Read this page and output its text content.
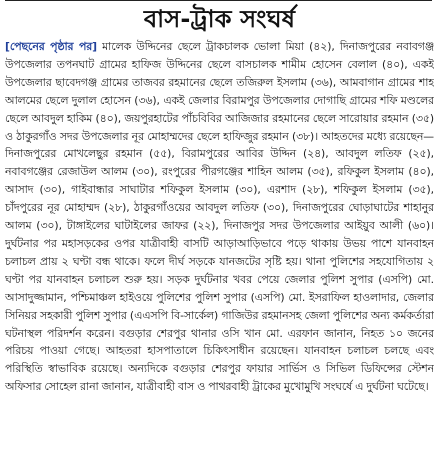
বাস-ট্রাক সংঘর্ষ

[পেছনের পৃষ্ঠার পর] মালেক উদ্দিনের ছেলে ট্রাকচালক ভোলা মিয়া (৪২), দিনাজপুরের নবাবগঞ্জ উপজেলার তপনঘাট গ্রামের হাফিজ উদ্দিনের ছেলে বাসচালক শামীম হোসেন বেলাল (৪০), একই উপজেলার ছাবেদগঞ্জ গ্রামের তাজবর রহমানের ছেলে তজিরুল ইসলাম (৩৬), আমবাগান গ্রামের শাহ আলমের ছেলে দুলাল হোসেন (৩৬), একই জেলার বিরামপুর উপজেলার দোগাছি গ্রামের শফি মণ্ডলের ছেলে আবদুল হাকিম (৪০), জয়পুরহাটের পাঁচবিবির আজিজার রহমানের ছেলে সারোয়ার রহমান (৩৫) ও ঠাকুরগাঁও সদর উপজেলার নূর মোহাম্মদের ছেলে হাফিজুর রহমান (৩৮)। আহতদের মধ্যে রয়েছেন— দিনাজপুরের মোখলেছুর রহমান (৫৫), বিরামপুরের আবির উদ্দিন (২৪), আবদুল লতিফ (২৫), নবাবগঞ্জের রেজাউল আলম (৩০), রংপুরের পীরগঞ্জের শাহিন আলম (৩৫), রফিকুল ইসলাম (৪০), আসাদ (৩০), গাইবান্ধার সাঘাটার শফিকুল ইসলাম (৩০), এরশাদ (২৮), শফিকুল ইসলাম (৩৫), চাঁদপুরের নূর মোহাম্মদ (২৮), ঠাকুরগাঁওয়ের আবদুল লতিফ (৩০), দিনাজপুরের ঘোড়াঘাটের শাহানুর আলম (৩০), টাঙ্গাইলের ঘাটাইলের জাফর (২২), দিনাজপুর সদর উপজেলার আইয়ুব আলী (৬০)। দুর্ঘটনার পর মহাসড়কের ওপর যাত্রীবাহী বাসটি আড়াআড়িভাবে পড়ে থাকায় উভয় পাশে যানবাহন চলাচল প্রায় ২ ঘণ্টা বন্ধ থাকে। ফলে দীর্ঘ সড়কে যানজটের সৃষ্টি হয়। থানা পুলিশের সহযোগিতায় ২ ঘণ্টা পর যানবাহন চলাচল শুরু হয়। সড়ক দুর্ঘটনার খবর পেয়ে জেলার পুলিশ সুপার (এসপি) মো. আসাদুজ্জামান, পশ্চিমাঞ্চল হাইওয়ে পুলিশের পুলিশ সুপার (এসপি) মো. ইসরাফিল হাওলাদার, জেলার সিনিয়র সহকারী পুলিশ সুপার (এএসপি বি-সার্কেল) গাজিউর রহমানসহ জেলা পুলিশের অন্য কর্মকর্তারা ঘটনাস্থল পরিদর্শন করেন। বগুড়ার শেরপুর থানার ওসি খান মো. এরফান জানান, নিহত ১০ জনের পরিচয় পাওয়া গেছে। আহতরা হাসপাতালে চিকিৎসাধীন রয়েছেন। যানবাহন চলাচল চলছে এবং পরিস্থিতি স্বাভাবিক রয়েছে। অন্যদিকে বগুড়ার শেরপুর ফায়ার সার্ভিস ও সিভিল ডিফিন্সের স্টেশন অফিসার সোহেল রানা জানান, যাত্রীবাহী বাস ও পাথরবাহী ট্রাকের মুখোমুখি সংঘর্ষে এ দুর্ঘটনা ঘটেছে।
